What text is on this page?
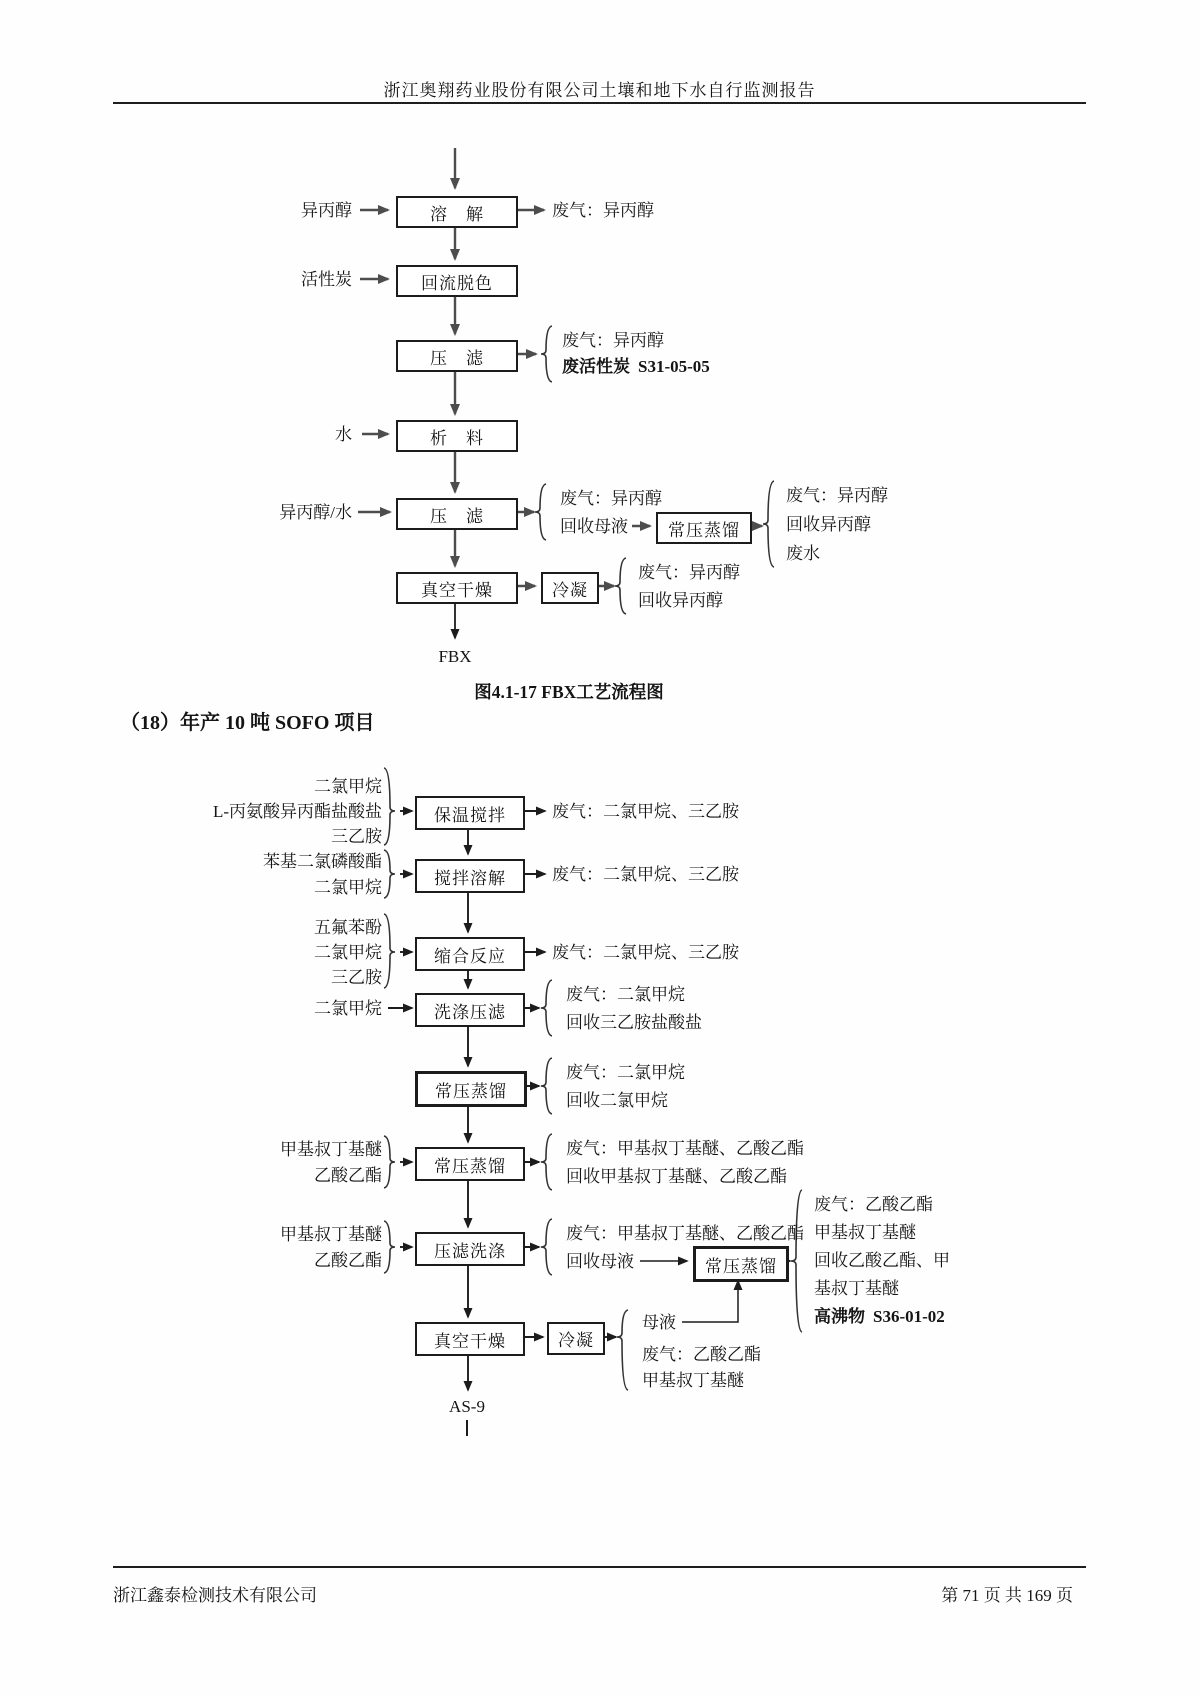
浙江奥翔药业股份有限公司土壤和地下水自行监测报告
溶　解
回流脱色
压　滤
析　料
压　滤
常压蒸馏
真空干燥	冷凝
异丙醇
活性炭
水
异丙醇/水
废气：异丙醇
废气：异丙醇
废活性炭 S31-05-05
废气：异丙醇
回收母液
废气：异丙醇
回收异丙醇
废水
废气：异丙醇
回收异丙醇
FBX
图4.1-17 FBX工艺流程图
（18）年产 10 吨 SOFO 项目
保温搅拌
搅拌溶解
缩合反应
洗涤压滤
常压蒸馏
常压蒸馏
压滤洗涤
常压蒸馏
真空干燥	冷凝
二氯甲烷
L-丙氨酸异丙酯盐酸盐
三乙胺
苯基二氯磷酸酯
二氯甲烷
五氟苯酚
二氯甲烷
三乙胺
二氯甲烷
甲基叔丁基醚
乙酸乙酯
甲基叔丁基醚
乙酸乙酯
废气：二氯甲烷、三乙胺
废气：二氯甲烷、三乙胺
废气：二氯甲烷、三乙胺
废气：二氯甲烷
回收三乙胺盐酸盐
废气：二氯甲烷
回收二氯甲烷
废气：甲基叔丁基醚、乙酸乙酯
回收甲基叔丁基醚、乙酸乙酯
废气：甲基叔丁基醚、乙酸乙酯
回收母液
废气：乙酸乙酯
甲基叔丁基醚
回收乙酸乙酯、甲
基叔丁基醚
高沸物 S36-01-02
母液
废气：乙酸乙酯
甲基叔丁基醚
AS-9
浙江鑫泰检测技术有限公司	第 71 页 共 169 页
